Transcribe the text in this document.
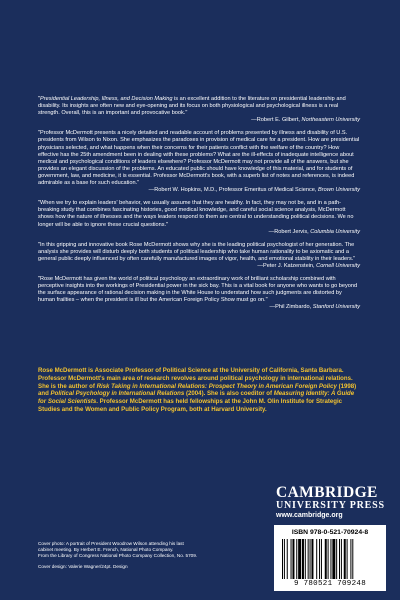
"Presidential Leadership, Illness, and Decision Making is an excellent addition to the literature on presidential leadership and disability. Its insights are often new and eye-opening and its focus on both physiological and psychological illness is a real strength. Overall, this is an important and provocative book."
—Robert E. Gilbert, Northeastern University
"Professor McDermott presents a nicely detailed and readable account of problems presented by illness and disability of U.S. presidents from Wilson to Nixon. She emphasizes the paradoxes in provision of medical care for a president. How are presidential physicians selected, and what happens when their concerns for their patients conflict with the welfare of the country? How effective has the 25th amendment been in dealing with these problems? What are the ill-effects of inadequate intelligence about medical and psychological conditions of leaders elsewhere? Professor McDermott may not provide all of the answers, but she provides an elegant discussion of the problems. An educated public should have knowledge of this material, and for students of government, law, and medicine, it is essential. Professor McDermott's book, with a superb list of notes and references, is indeed admirable as a base for such education."
—Robert W. Hopkins, M.D., Professor Emeritus of Medical Science, Brown University
"When we try to explain leaders' behavior, we usually assume that they are healthy. In fact, they may not be, and in a path-breaking study that combines fascinating histories, good medical knowledge, and careful social science analysis, McDermott shows how the nature of illnesses and the ways leaders respond to them are central to understanding political decisions. We no longer will be able to ignore these crucial questions."
—Robert Jervis, Columbia University
"In this gripping and innovative book Rose McDermott shows why she is the leading political psychologist of her generation. The analysis she provides will disturb deeply both students of political leadership who take human rationality to be axiomatic and a general public deeply influenced by often carefully manufactured images of vigor, health, and emotional stability in their leaders."
—Peter J. Katzenstein, Cornell University
"Rose McDermott has given the world of political psychology an extraordinary work of brilliant scholarship combined with perceptive insights into the workings of Presidential power in the sick bay. This is a vital book for anyone who wants to go beyond the surface appearance of rational decision making in the White House to understand how such judgments are distorted by human frailties – when the president is ill but the American Foreign Policy Show must go on."
—Phil Zimbardo, Stanford University
Rose McDermott is Associate Professor of Political Science at the University of California, Santa Barbara. Professor McDermott's main area of research revolves around political psychology in international relations. She is the author of Risk Taking in International Relations: Prospect Theory in American Foreign Policy (1998) and Political Psychology in International Relations (2004). She is also coeditor of Measuring Identity: A Guide for Social Scientists. Professor McDermott has held fellowships at the John M. Olin Institute for Strategic Studies and the Women and Public Policy Program, both at Harvard University.
CAMBRIDGE
UNIVERSITY PRESS
www.cambridge.org
ISBN 978-0-521-70924-8
9 780521 709248
Cover photo: A portrait of President Woodrow Wilson attending his last
cabinet meeting. By Herbert E. French, National Photo Company.
From the Library of Congress National Photo Company Collection, No. 5709.
Cover design: Valerie Wagner/24pt. Design
